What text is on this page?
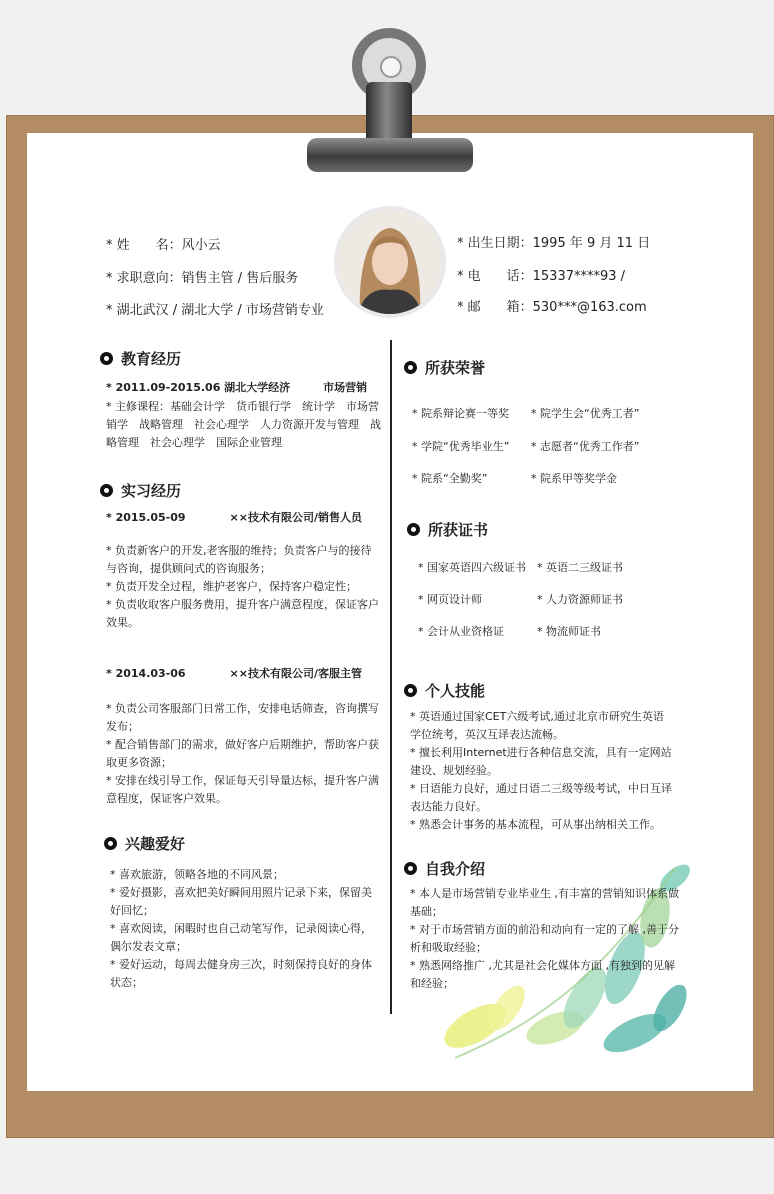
* 姓　　名：风小云
* 求职意向：销售主管 / 售后服务
* 湖北武汉 / 湖北大学 / 市场营销专业
* 出生日期：1995 年 9 月 11 日
* 电　　话：15337****93 /
* 邮　　箱：530***@163.com
教育经历
* 2011.09-2015.06 湖北大学经济　　　市场营销
* 主修课程：基础会计学　货币银行学　统计学　市场营销学　战略管理　社会心理学　人力资源开发与管理　战略管理　社会心理学　国际企业管理
实习经历
* 2015.05-09　　　　××技术有限公司/销售人员
* 负责新客户的开发,老客服的维持；负责客户与的接待与咨询，提供顾问式的咨询服务；
* 负责开发全过程，维护老客户，保持客户稳定性；
* 负责收取客户服务费用，提升客户满意程度，保证客户效果。
* 2014.03-06　　　　××技术有限公司/客服主管
* 负责公司客服部门日常工作，安排电话筛查，咨询撰写发布；
* 配合销售部门的需求，做好客户后期维护，帮助客户获取更多资源；
* 安排在线引导工作，保证每天引导量达标，提升客户满意程度，保证客户效果。
兴趣爱好
* 喜欢旅游，领略各地的不同风景；
* 爱好摄影，喜欢把美好瞬间用照片记录下来，保留美好回忆；
* 喜欢阅读，闲暇时也自己动笔写作，记录阅读心得，偶尔发表文章；
* 爱好运动，每周去健身房三次，时刻保持良好的身体状态；
所获荣誉
* 院系辩论赛一等奖 * 院学生会“优秀工者”
* 学院“优秀毕业生” * 志愿者“优秀工作者”
* 院系“全勤奖”	* 院系甲等奖学金
所获证书
* 国家英语四六级证书 * 英语二三级证书
* 网页设计师	* 人力资源师证书
* 会计从业资格证	* 物流师证书
个人技能
* 英语通过国家CET六级考试,通过北京市研究生英语学位统考，英汉互译表达流畅。
* 擅长利用Internet进行各种信息交流，具有一定网站建设、规划经验。
* 日语能力良好，通过日语二三级等级考试，中日互译表达能力良好。
* 熟悉会计事务的基本流程，可从事出纳相关工作。
自我介绍
* 本人是市场营销专业毕业生 ,有丰富的营销知识体系做基础；
* 对于市场营销方面的前沿和动向有一定的了解 ,善于分析和吸取经验；
* 熟悉网络推广 ,尤其是社会化媒体方面 ,有独到的见解和经验；
